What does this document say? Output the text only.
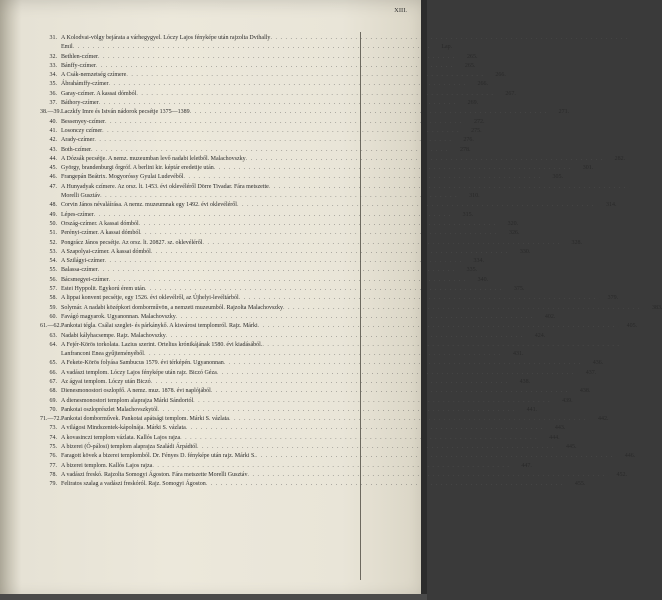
XIII.
31. A Kolodvai-völgy bejárata a várhegygyel. Lóczy Lajos fényképe után rajzolta Dvihally
. . .
Emil . . .	Lap.
32. Bethlen-czímer . . .	265.
33. Bánffy-czímer . . .	265.
34. A Csák-nemzetség czímere . . .	266.
35. Ábrahámffy-czímer . . .	266.
36. Garay-czímer. A kassai dómból . . .	267.
37. Báthory-czímer . . .	269.
38.—39. Laczkfy Imre és István nádorok pecsétje 1375—1389 . . .	271.
40. Bessenyey-czímer . . .	272.
41. Losonczy czímer . . .	275.
42. Arady-czímer . . .	276.
43. Both-czímer . . .	278.
44. A Dózsák pecsétje. A nemz. muzeumban levő nadabi leletből. Malachovszky . . .	282.
45. György, brandenburgi őrgróf. A berlini kir. képtár eredetije után . . .	301.
46. Frangepán Beátrix. Mogyoróssy Gyulai Ludevéből . . .	305.
47. A Hunyadyak czímere. Az orsz. lt. 1453. évi oklevéléről Dörre Tivadar. Fára metszette
. . .
Morelli Gusztáv . . .	310.
48. Corvin János névaláírása. A nemz. muzeumnak egy 1492. évi oklevéléről . . .	314.
49. Lépes-czímer . . .	315.
50. Ország-czímer. A kassai dómból . . .	320.
51. Perényi-czímer. A kassai dómból . . .	326.
52. Pongrácz János pecsétje. Az orsz. lt. 20827. sz. oklevéléről . . .	328.
53. A Szapolyai-czímer. A kassai dómból . . .	330.
54. A Szilágyi-czímer . . .	334.
55. Balassa-czímer . . .	335.
56. Bácsmegyei-czímer . . .	340.
57. Estei Hyppolit. Egykorú érem után . . .	375.
58. A lippai konvent pecsétje, egy 1526. évi oklevélről, az Újhelyi-levéltárból . . .	379.
59. Solymár. A nadabi középkori domborművön, a nemzeti muzeumból. Rajzolta Malachovszky . . .	383.
60. Favágó magyarok. Ugyanonnan. Malachovszky . . .	402.
61.—62. Pankotai tégla. Csálai szeglet- és párkánykő. A kisvárosi templomról. Rajz. Márki . . .	405.
63. Nadabi kályhacsempe. Rajz. Malachovszky . . .	424.
64. A Fejér-Körös torkolata. Lazius szerint. Ortelius krónikájának 1580. évi kiadásából.
. . .
Lanfranconi Enea gyűjteményéből . . .	431.
65. A Fekete-Körös folyása Sambucus 1579. évi térképén. Ugyanonnan . . .	436.
66. A vadászi templom. Lóczy Lajos fényképe után rajz. Biczó Géza . . .	437.
67. Az ágyai templom. Lóczy után Biczó . . .	438.
68. Dienesmonostori oszlopfő. A nemz. muz. 1878. évi naplójából . . .	438.
69. A dienesmonostori templom alaprajza Márki Sándortól . . .	439.
70. Pankotai oszloprészlet Malachovszkytól . . .	441.
71.—72. Pankotai domborművek. Pankotai apátsági templom. Márki S. vázlata . . .	442.
73. A világosi Mindszentek-kápolnája. Márki S. vázlata . . .	443.
74. A kovasinczi templom vázlata. Kallós Lajos rajza . . .	444.
75. A bizerei (Ó-pálosi) templom alaprajza Szaládi Árpádtól . . .	445.
76. Faragott kövek a bizerei templomból. Dr. Fényes D. fényképe után rajz. Márki S. . . .	446.
77. A bizerei templom. Kallós Lajos rajza . . .	447.
78. A vadászi freskó. Rajzolta Somogyi Ágoston. Fára metszette Morelli Gusztáv . . .	452.
79. Feliratos szalag a vadászi freskóról. Rajz. Somogyi Ágoston . . .	455.
